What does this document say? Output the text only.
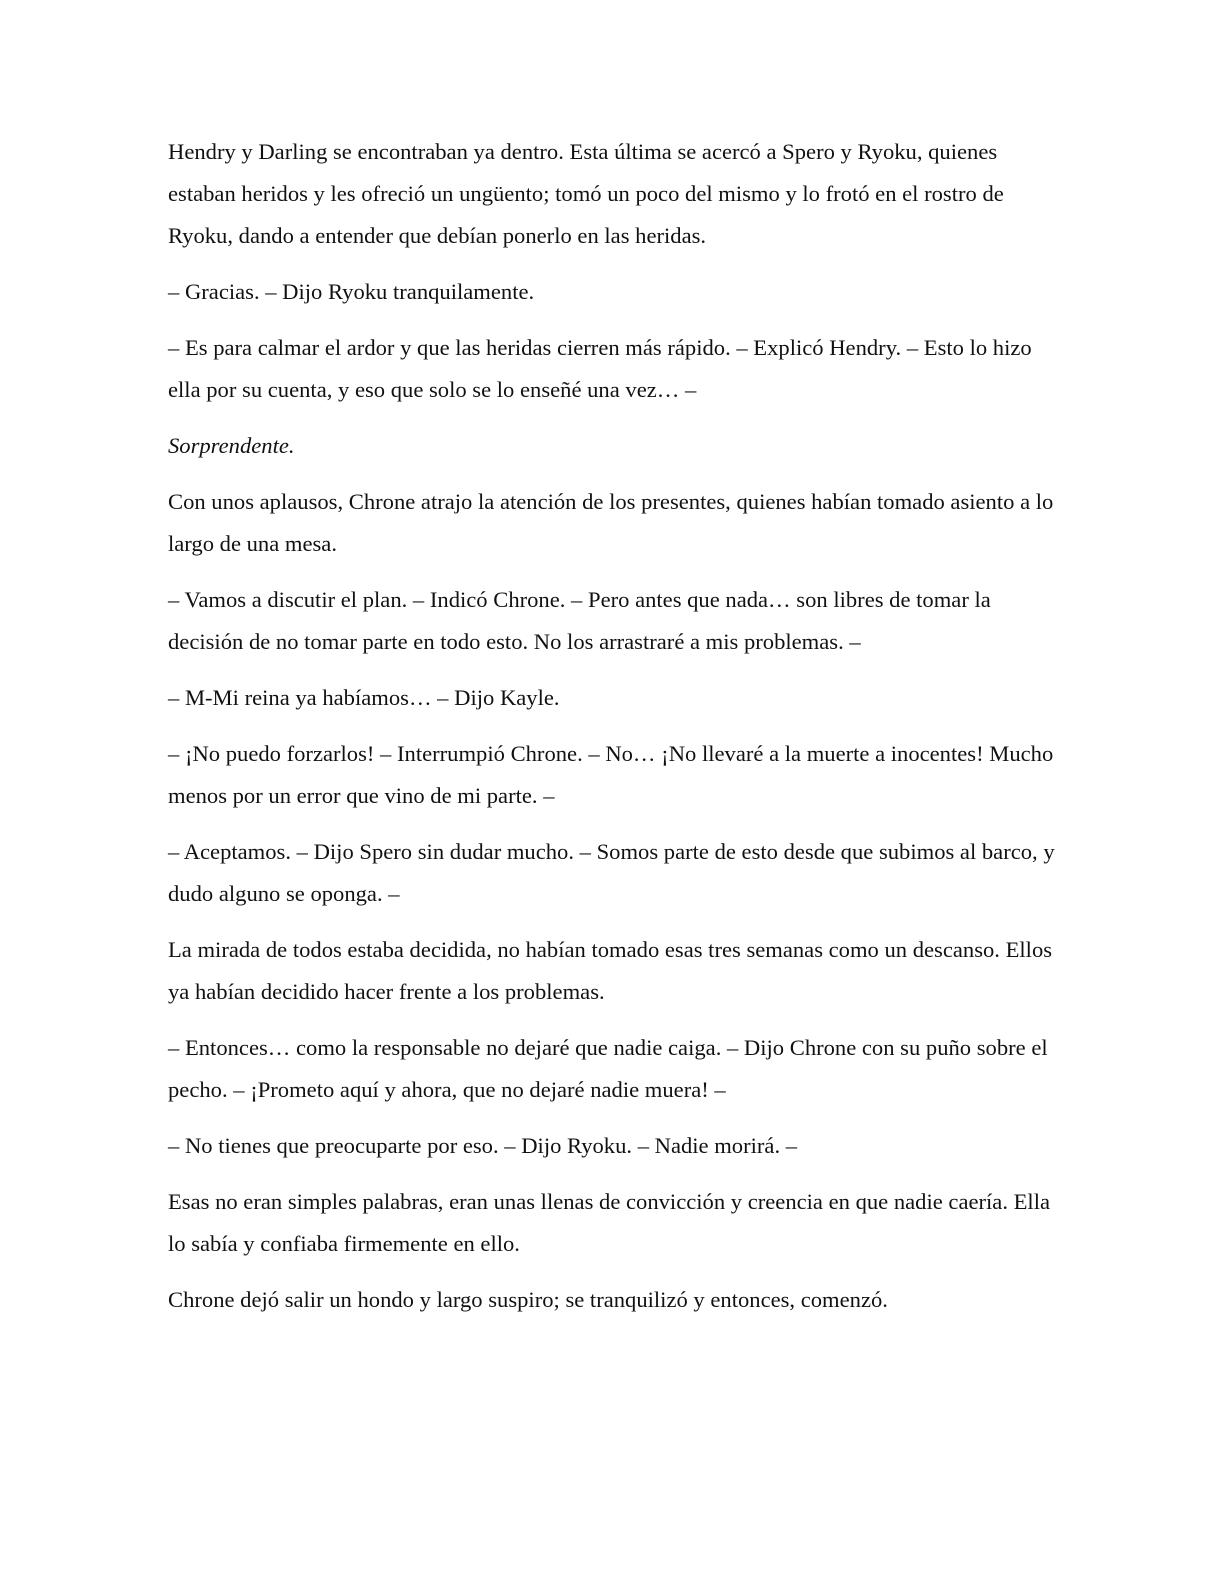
Hendry y Darling se encontraban ya dentro. Esta última se acercó a Spero y Ryoku, quienes estaban heridos y les ofreció un ungüento; tomó un poco del mismo y lo frotó en el rostro de Ryoku, dando a entender que debían ponerlo en las heridas.

– Gracias. – Dijo Ryoku tranquilamente.

– Es para calmar el ardor y que las heridas cierren más rápido. – Explicó Hendry. – Esto lo hizo ella por su cuenta, y eso que solo se lo enseñé una vez… –

Sorprendente.

Con unos aplausos, Chrone atrajo la atención de los presentes, quienes habían tomado asiento a lo largo de una mesa.

– Vamos a discutir el plan. – Indicó Chrone. – Pero antes que nada… son libres de tomar la decisión de no tomar parte en todo esto. No los arrastraré a mis problemas. –

– M-Mi reina ya habíamos… – Dijo Kayle.

– ¡No puedo forzarlos! – Interrumpió Chrone. – No… ¡No llevaré a la muerte a inocentes! Mucho menos por un error que vino de mi parte. –

– Aceptamos. – Dijo Spero sin dudar mucho. – Somos parte de esto desde que subimos al barco, y dudo alguno se oponga. –

La mirada de todos estaba decidida, no habían tomado esas tres semanas como un descanso. Ellos ya habían decidido hacer frente a los problemas.

– Entonces… como la responsable no dejaré que nadie caiga. – Dijo Chrone con su puño sobre el pecho. – ¡Prometo aquí y ahora, que no dejaré nadie muera! –

– No tienes que preocuparte por eso. – Dijo Ryoku. – Nadie morirá. –

Esas no eran simples palabras, eran unas llenas de convicción y creencia en que nadie caería. Ella lo sabía y confiaba firmemente en ello.

Chrone dejó salir un hondo y largo suspiro; se tranquilizó y entonces, comenzó.
